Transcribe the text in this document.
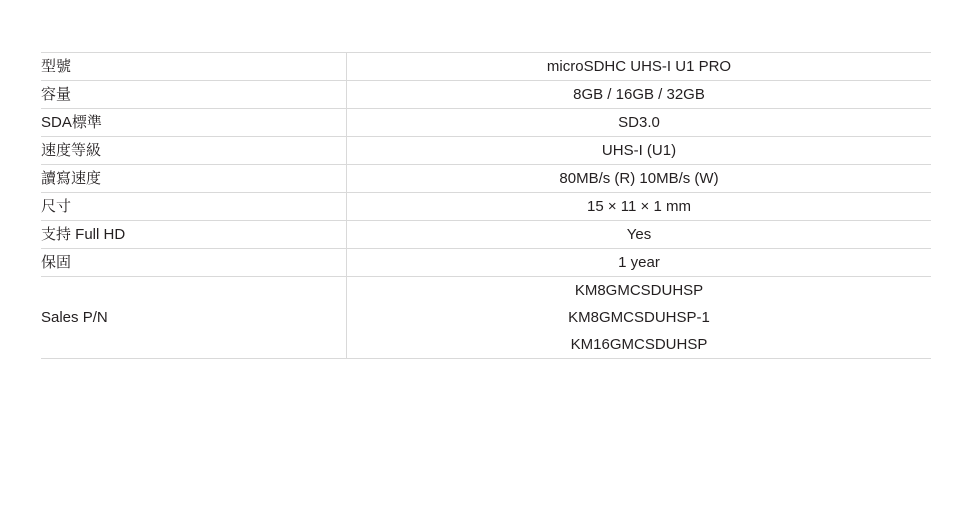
型號	microSDHC UHS-I U1 PRO

容量	8GB / 16GB / 32GB

SDA標準	SD3.0

速度等級	UHS-I (U1)

讀寫速度	80MB/s (R) 10MB/s (W)

尺寸	15 × 11 × 1 mm

支持 Full HD	Yes

保固	1 year

Sales P/N	KM8GMCSDUHSP
KM8GMCSDUHSP-1
KM16GMCSDUHSP
